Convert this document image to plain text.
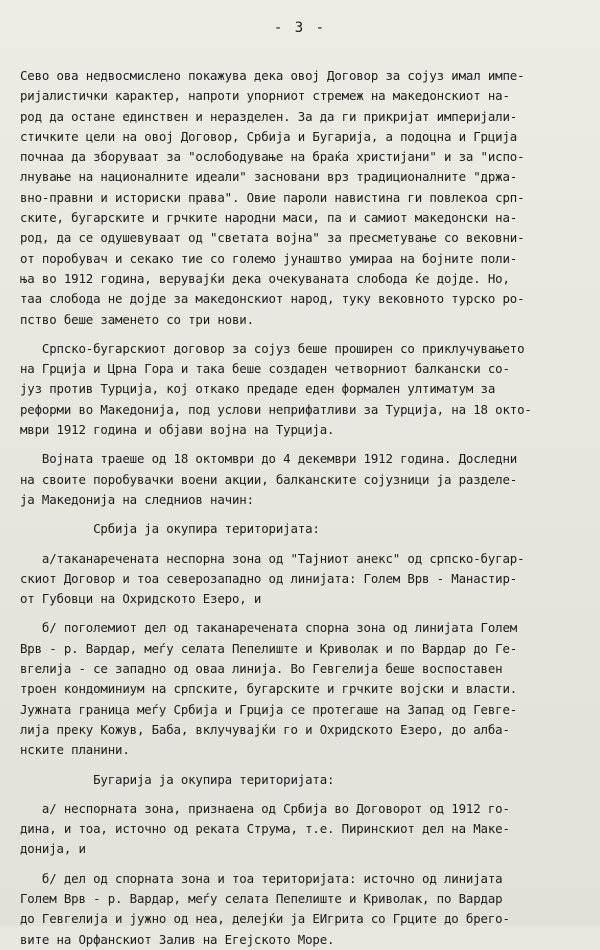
- 3 -
Сево ова недвосмислено покажува дека овој Договор за сојуз имал импе-
ријалистички карактер, напроти упорниот стремеж на македонскиот на-
род да остане единствен и неразделен. За да ги прикријат империјали-
стичките цели на овој Договор, Србија и Бугарија, а подоцна и Грција
почнаа да зборуваат за "ослободување на браќа христијани" и за "испо-
лнување на националните идеали" засновани врз традиционалните "држа-
вно-правни и историски права". Овие пароли навистина ги повлекоа срп-
ските, бугарските и грчките народни маси, па и самиот македонски на-
род, да се одушевуваат од "светата војна" за пресметување со вековни-
от поробувач и секако тие со големо јунаштво умираа на бојните поли-
ња во 1912 година, верувајќи дека очекуваната слобода ќе дојде. Но,
таа слобода не дојде за македонскиот народ, туку вековното турско ро-
пство беше заменето со три нови.
Српско-бугарскиот договор за сојуз беше проширен со приклучувањето
на Грција и Црна Гора и така беше создаден четворниот балкански со-
јуз против Турција, кој откако предаде еден формален ултиматум за
реформи во Македонија, под услови неприфатливи за Турција, на 18 окто-
мври 1912 година и објави војна на Турција.
Војната траеше од 18 октомври до 4 декември 1912 година. Доследни
на своите поробувачки воени акции, балканските сојузници ја разделе-
ја Македонија на следниов начин:
Србија ја окупира територијата:
а/таканаречената неспорна зона од "Тајниот анекс" од српско-бугар-
скиот Договор и тоа северозападно од линијата: Голем Врв - Манастир-
от Губовци на Охридското Езеро, и
б/ поголемиот дел од таканаречената спорна зона од линијата Голем
Врв - р. Вардар, меѓу селата Пепелиште и Криволак и по Вардар до Ге-
вгелија - се западно од оваа линија. Во Гевгелија беше воспоставен
троен кондоминиум на српските, бугарските и грчките војски и власти.
Јужната граница меѓу Србија и Грција се протегаше на Запад од Гевге-
лија преку Кожув, Баба, вклучувајќи го и Охридското Езеро, до алба-
нските планини.
Бугарија ја окупира територијата:
а/ неспорната зона, признаена од Србија во Договорот од 1912 го-
дина, и тоа, источно од реката Струма, т.е. Пиринскиот дел на Маке-
донија, и
б/ дел од спорната зона и тоа територијата: источно од линијата
Голем Врв - р. Вардар, меѓу селата Пепелиште и Криволак, по Вардар
до Гевгелија и јужно од неа, делејќи ја ЕИгрита со Грците до брего-
вите на Орфанскиот Залив на Егејското Море.
